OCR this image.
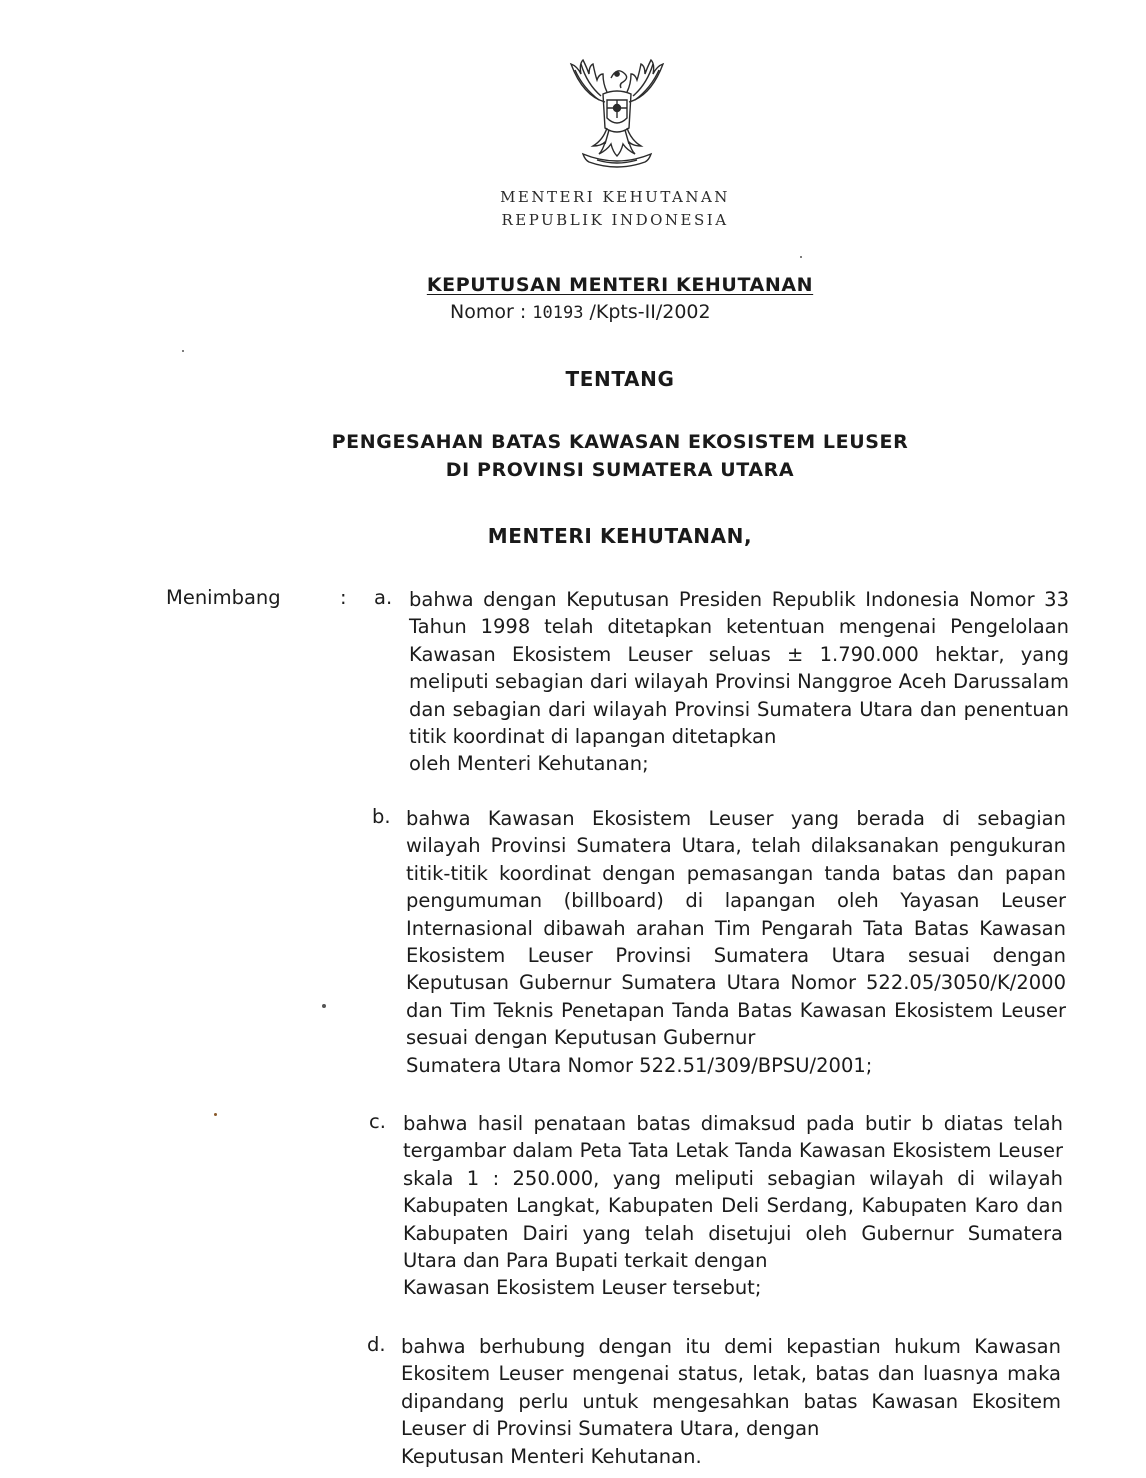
MENTERI KEHUTANAN
REPUBLIK INDONESIA
KEPUTUSAN MENTERI KEHUTANAN
Nomor : 10193 /Kpts-II/2002
TENTANG
PENGESAHAN BATAS KAWASAN EKOSISTEM LEUSER
DI PROVINSI SUMATERA UTARA
MENTERI KEHUTANAN,
Menimbang	: a. bahwa dengan Keputusan Presiden Republik Indonesia Nomor 33 Tahun 1998 telah ditetapkan ketentuan mengenai Pengelolaan Kawasan Ekosistem Leuser seluas ± 1.790.000 hektar, yang meliputi sebagian dari wilayah Provinsi Nanggroe Aceh Darussalam dan sebagian dari wilayah Provinsi Sumatera Utara dan penentuan titik koordinat di lapangan ditetapkan
oleh Menteri Kehutanan;
b. bahwa Kawasan Ekosistem Leuser yang berada di sebagian wilayah Provinsi Sumatera Utara, telah dilaksanakan pengukuran titik-titik koordinat dengan pemasangan tanda batas dan papan pengumuman (billboard) di lapangan oleh Yayasan Leuser Internasional dibawah arahan Tim Pengarah Tata Batas Kawasan Ekosistem Leuser Provinsi Sumatera Utara sesuai dengan Keputusan Gubernur Sumatera Utara Nomor 522.05/3050/K/2000 dan Tim Teknis Penetapan Tanda Batas Kawasan Ekosistem Leuser sesuai dengan Keputusan Gubernur
Sumatera Utara Nomor 522.51/309/BPSU/2001;
c. bahwa hasil penataan batas dimaksud pada butir b diatas telah tergambar dalam Peta Tata Letak Tanda Kawasan Ekosistem Leuser skala 1 : 250.000, yang meliputi sebagian wilayah di wilayah Kabupaten Langkat, Kabupaten Deli Serdang, Kabupaten Karo dan Kabupaten Dairi yang telah disetujui oleh Gubernur Sumatera Utara dan Para Bupati terkait dengan
Kawasan Ekosistem Leuser tersebut;
d. bahwa berhubung dengan itu demi kepastian hukum Kawasan Ekositem Leuser mengenai status, letak, batas dan luasnya maka dipandang perlu untuk mengesahkan batas Kawasan Ekositem Leuser di Provinsi Sumatera Utara, dengan
Keputusan Menteri Kehutanan.
